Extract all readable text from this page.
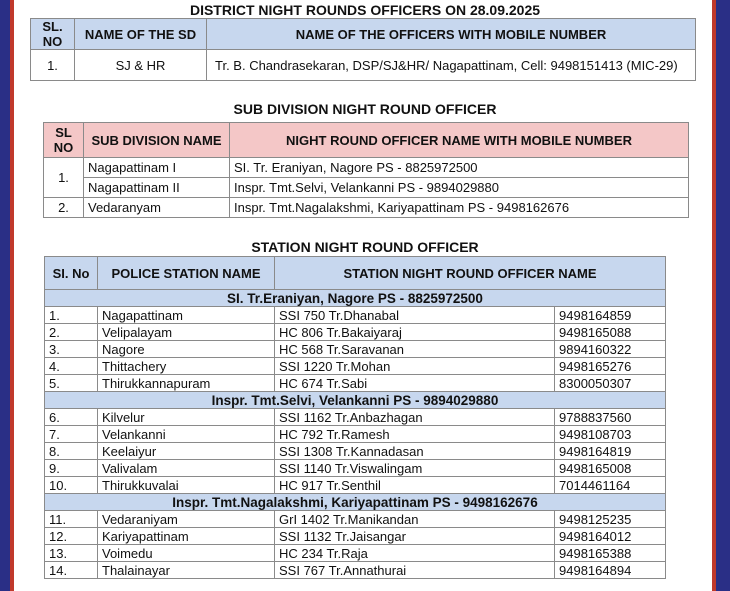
DISTRICT NIGHT ROUNDS OFFICERS ON 28.09.2025
SL. NO	NAME OF THE SD	NAME OF THE OFFICERS WITH MOBILE NUMBER
1.	SJ & HR	Tr. B. Chandrasekaran, DSP/SJ&HR/ Nagapattinam, Cell: 9498151413 (MIC-29)
SUB DIVISION NIGHT ROUND OFFICER
SL NO	SUB DIVISION NAME	NIGHT ROUND OFFICER NAME WITH MOBILE NUMBER
1.	Nagapattinam I	SI. Tr. Eraniyan, Nagore PS - 8825972500
	Nagapattinam II	Inspr. Tmt.Selvi, Velankanni PS - 9894029880
2.	Vedaranyam	Inspr. Tmt.Nagalakshmi, Kariyapattinam PS - 9498162676
STATION NIGHT ROUND OFFICER
SI. No	POLICE STATION NAME	STATION NIGHT ROUND OFFICER NAME	
SI. Tr.Eraniyan, Nagore PS - 8825972500			
1.	Nagapattinam	SSI 750 Tr.Dhanabal	9498164859
2.	Velipalayam	HC 806 Tr.Bakaiyaraj	9498165088
3.	Nagore	HC 568 Tr.Saravanan	9894160322
4.	Thittachery	SSI 1220 Tr.Mohan	9498165276
5.	Thirukkannapuram	HC 674 Tr.Sabi	8300050307
Inspr. Tmt.Selvi, Velankanni PS - 9894029880			
6.	Kilvelur	SSI 1162 Tr.Anbazhagan	9788837560
7.	Velankanni	HC 792 Tr.Ramesh	9498108703
8.	Keelaiyur	SSI 1308 Tr.Kannadasan	9498164819
9.	Valivalam	SSI 1140 Tr.Viswalingam	9498165008
10.	Thirukkuvalai	HC 917 Tr.Senthil	7014461164
Inspr. Tmt.Nagalakshmi, Kariyapattinam PS - 9498162676			
11.	Vedaraniyam	GrI 1402 Tr.Manikandan	9498125235
12.	Kariyapattinam	SSI 1132 Tr.Jaisangar	9498164012
13.	Voimedu	HC 234 Tr.Raja	9498165388
14.	Thalainayar	SSI 767 Tr.Annathurai	9498164894
